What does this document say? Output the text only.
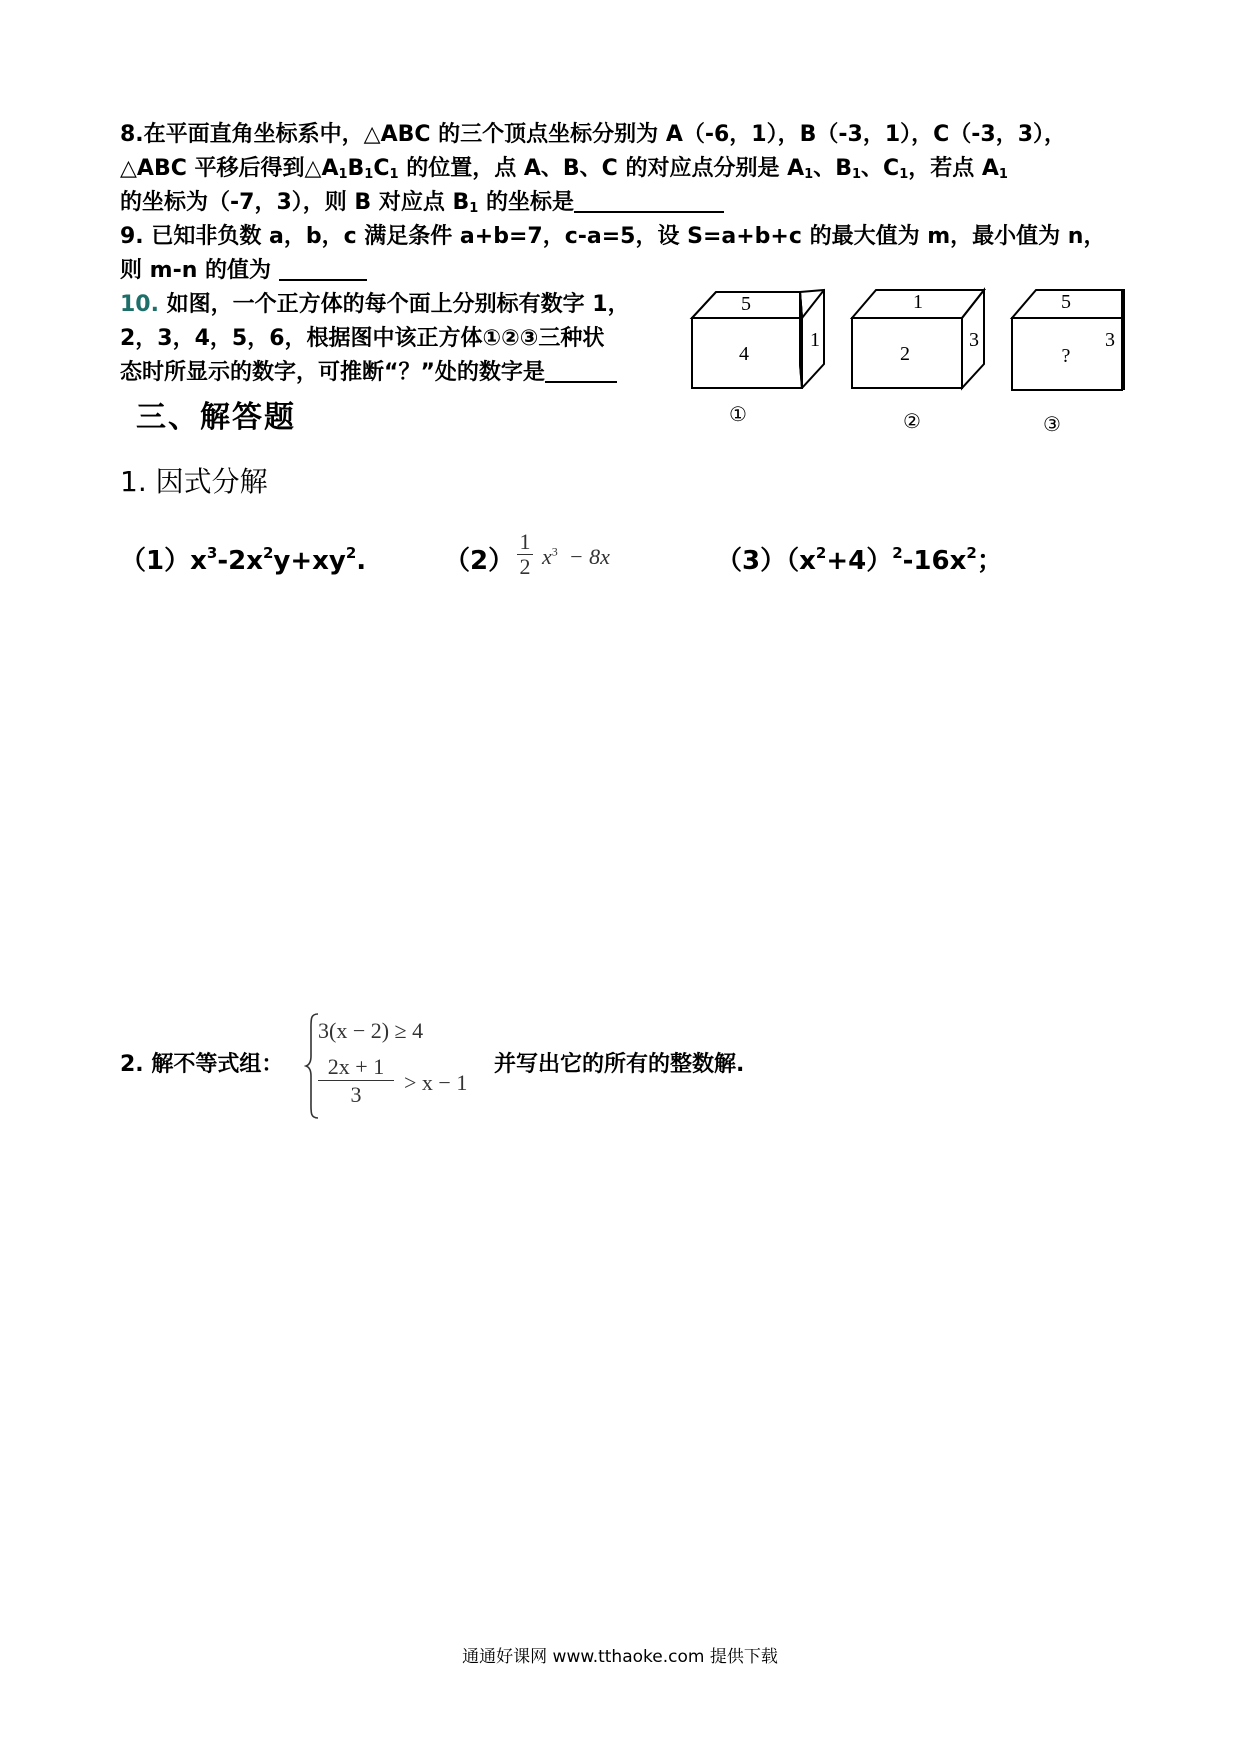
8.在平面直角坐标系中，△ABC 的三个顶点坐标分别为 A（-6，1），B（-3，1），C（-3，3），
△ABC 平移后得到$\triangle A_1B_1C_1$ 的位置，点 A、B、C 的对应点分别是 $A_1$、$B_1$、$C_1$，若点 $A_1$
的坐标为（-7，3），则 B 对应点 $B_1$ 的坐标是
9. 已知非负数 a，b，c 满足条件 a+b=7，c-a=5，设 S=a+b+c 的最大值为 m，最小值为 n，
则 m-n 的值为
10. 如图，一个正方体的每个面上分别标有数字 1，
2，3，4，5，6，根据图中该正方体①②③三种状
态时所显示的数字，可推断“？”处的数字是
5
4
1
①
1
2
3
②
5
?
3
③
三、解答题
1. 因式分解
$(1)x^3-2x^2y+xy^2$.	（2）
1
2 $x^3 - 8x$	$(3)(x^2+4)^2-16x^2$；
2. 解不等式组：
3(x − 2) ≥ 4
2x + 1
3	> x − 1
并写出它的所有的整数解.
通通好课网 www.tthaoke.com 提供下载
